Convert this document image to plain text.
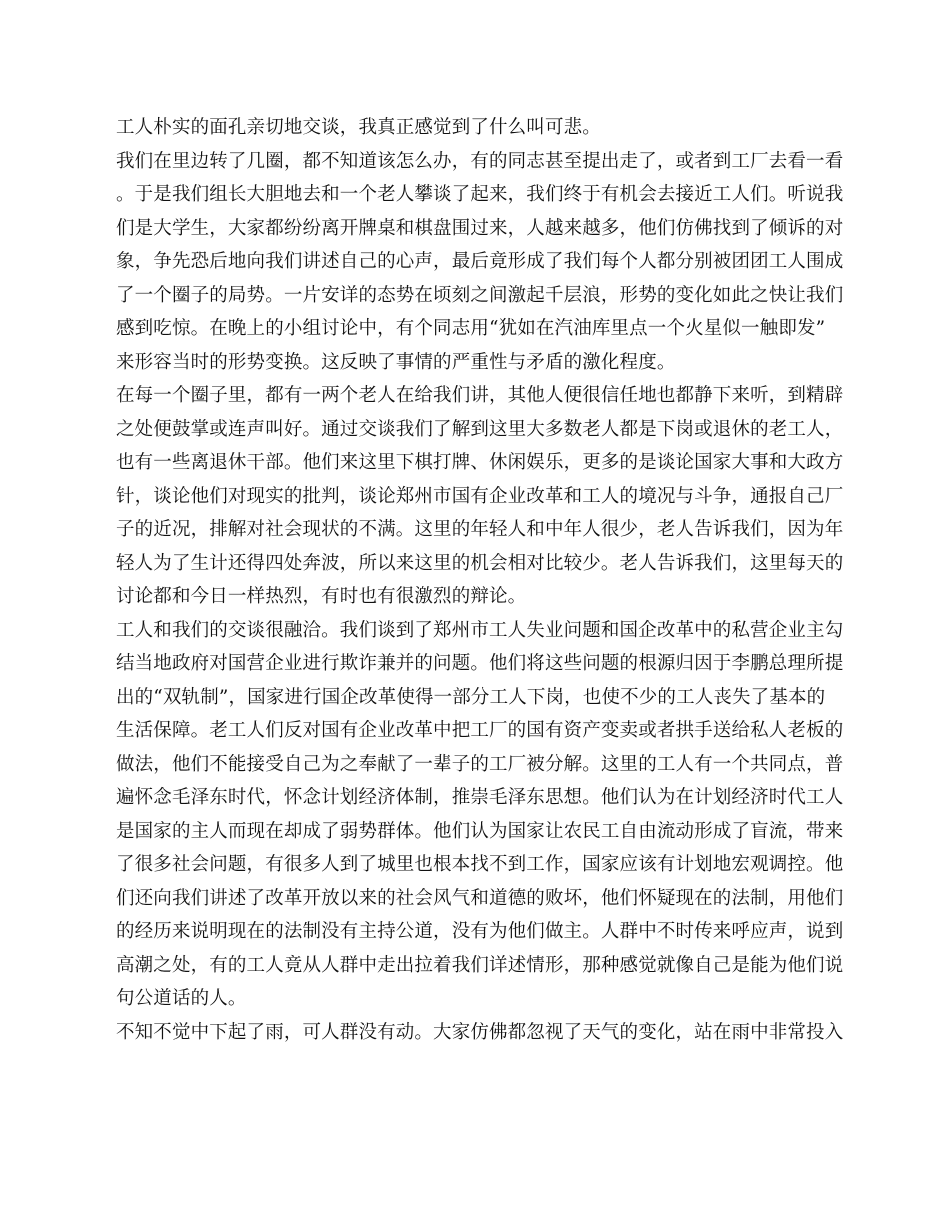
工人朴实的面孔亲切地交谈，我真正感觉到了什么叫可悲。
我们在里边转了几圈，都不知道该怎么办，有的同志甚至提出走了，或者到工厂去看一看
。于是我们组长大胆地去和一个老人攀谈了起来，我们终于有机会去接近工人们。听说我
们是大学生，大家都纷纷离开牌桌和棋盘围过来，人越来越多，他们仿佛找到了倾诉的对
象，争先恐后地向我们讲述自己的心声，最后竟形成了我们每个人都分别被团团工人围成
了一个圈子的局势。一片安详的态势在顷刻之间激起千层浪，形势的变化如此之快让我们
感到吃惊。在晚上的小组讨论中，有个同志用“犹如在汽油库里点一个火星似一触即发”
来形容当时的形势变换。这反映了事情的严重性与矛盾的激化程度。
在每一个圈子里，都有一两个老人在给我们讲，其他人便很信任地也都静下来听，到精辟
之处便鼓掌或连声叫好。通过交谈我们了解到这里大多数老人都是下岗或退休的老工人，
也有一些离退休干部。他们来这里下棋打牌、休闲娱乐，更多的是谈论国家大事和大政方
针，谈论他们对现实的批判，谈论郑州市国有企业改革和工人的境况与斗争，通报自己厂
子的近况，排解对社会现状的不满。这里的年轻人和中年人很少，老人告诉我们，因为年
轻人为了生计还得四处奔波，所以来这里的机会相对比较少。老人告诉我们，这里每天的
讨论都和今日一样热烈，有时也有很激烈的辩论。
工人和我们的交谈很融洽。我们谈到了郑州市工人失业问题和国企改革中的私营企业主勾
结当地政府对国营企业进行欺诈兼并的问题。他们将这些问题的根源归因于李鹏总理所提
出的“双轨制”，国家进行国企改革使得一部分工人下岗，也使不少的工人丧失了基本的
生活保障。老工人们反对国有企业改革中把工厂的国有资产变卖或者拱手送给私人老板的
做法，他们不能接受自己为之奉献了一辈子的工厂被分解。这里的工人有一个共同点，普
遍怀念毛泽东时代，怀念计划经济体制，推崇毛泽东思想。他们认为在计划经济时代工人
是国家的主人而现在却成了弱势群体。他们认为国家让农民工自由流动形成了盲流，带来
了很多社会问题，有很多人到了城里也根本找不到工作，国家应该有计划地宏观调控。他
们还向我们讲述了改革开放以来的社会风气和道德的败坏，他们怀疑现在的法制，用他们
的经历来说明现在的法制没有主持公道，没有为他们做主。人群中不时传来呼应声，说到
高潮之处，有的工人竟从人群中走出拉着我们详述情形，那种感觉就像自己是能为他们说
句公道话的人。
不知不觉中下起了雨，可人群没有动。大家仿佛都忽视了天气的变化，站在雨中非常投入
